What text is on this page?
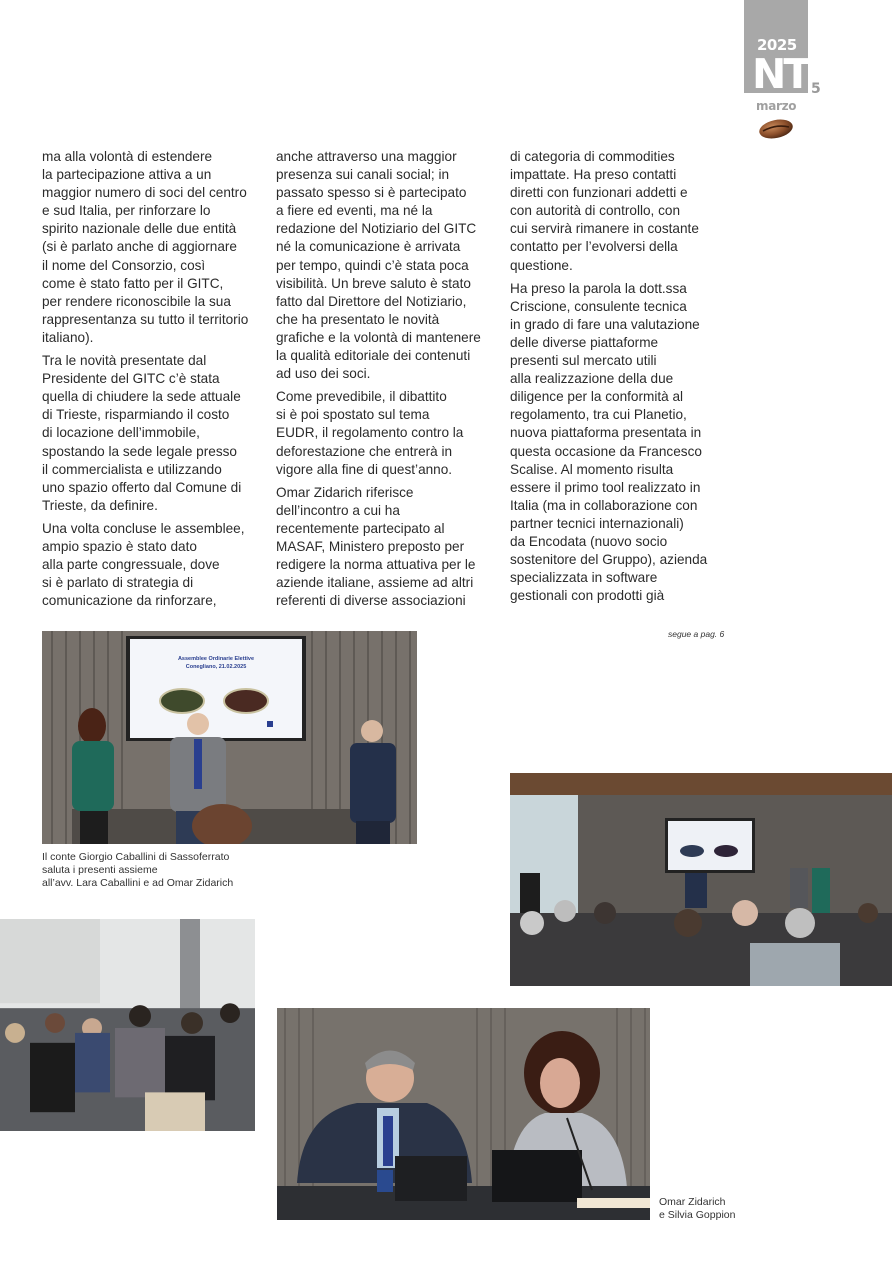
2025
NT 5
marzo

ma alla volontà di estendere
la partecipazione attiva a un
maggior numero di soci del centro
e sud Italia, per rinforzare lo
spirito nazionale delle due entità
(si è parlato anche di aggiornare
il nome del Consorzio, così
come è stato fatto per il GITC,
per rendere riconoscibile la sua
rappresentanza su tutto il territorio
italiano).

Tra le novità presentate dal
Presidente del GITC c’è stata
quella di chiudere la sede attuale
di Trieste, risparmiando il costo
di locazione dell’immobile,
spostando la sede legale presso
il commercialista e utilizzando
uno spazio offerto dal Comune di
Trieste, da definire.

Una volta concluse le assemblee,
ampio spazio è stato dato
alla parte congressuale, dove
si è parlato di strategia di
comunicazione da rinforzare,

anche attraverso una maggior
presenza sui canali social; in
passato spesso si è partecipato
a fiere ed eventi, ma né la
redazione del Notiziario del GITC
né la comunicazione è arrivata
per tempo, quindi c’è stata poca
visibilità. Un breve saluto è stato
fatto dal Direttore del Notiziario,
che ha presentato le novità
grafiche e la volontà di mantenere
la qualità editoriale dei contenuti
ad uso dei soci.

Come prevedibile, il dibattito
si è poi spostato sul tema
EUDR, il regolamento contro la
deforestazione che entrerà in
vigore alla fine di quest’anno.

Omar Zidarich riferisce
dell’incontro a cui ha
recentemente partecipato al
MASAF, Ministero preposto per
redigere la norma attuativa per le
aziende italiane, assieme ad altri
referenti di diverse associazioni

di categoria di commodities
impattate. Ha preso contatti
diretti con funzionari addetti e
con autorità di controllo, con
cui servirà rimanere in costante
contatto per l’evolversi della
questione.

Ha preso la parola la dott.ssa
Criscione, consulente tecnica
in grado di fare una valutazione
delle diverse piattaforme
presenti sul mercato utili
alla realizzazione della due
diligence per la conformità al
regolamento, tra cui Planetio,
nuova piattaforma presentata in
questa occasione da Francesco
Scalise. Al momento risulta
essere il primo tool realizzato in
Italia (ma in collaborazione con
partner tecnici internazionali)
da Encodata (nuovo socio
sostenitore del Gruppo), azienda
specializzata in software
gestionali con prodotti già

segue a pag. 6
Assemblee Ordinarie Elettive
Conegliano, 21.02.2025
Il conte Giorgio Caballini di Sassoferrato
saluta i presenti assieme
all’avv. Lara Caballini e ad Omar Zidarich
Omar Zidarich
e Silvia Goppion
